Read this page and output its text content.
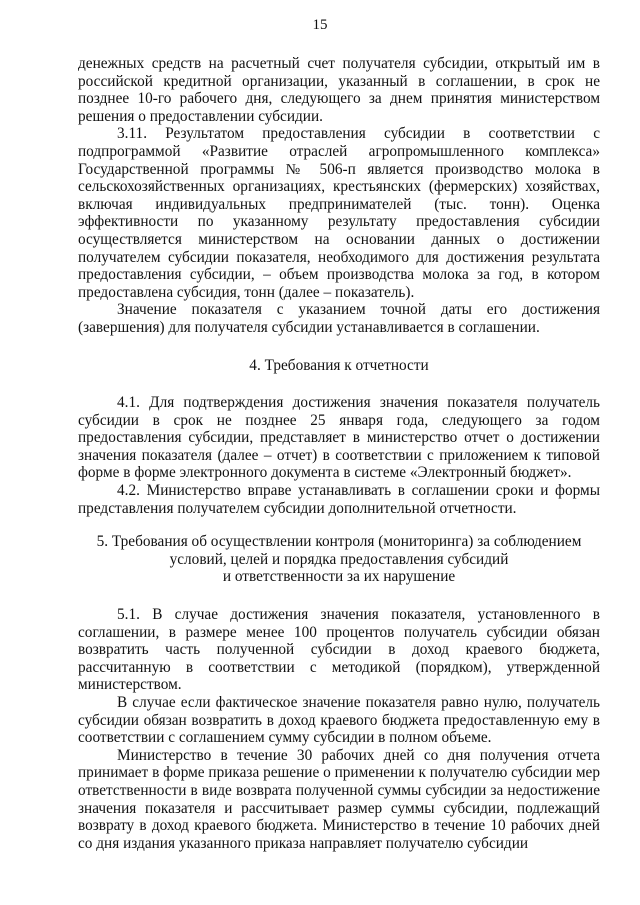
15

денежных средств на расчетный счет получателя субсидии, открытый им в российской кредитной организации, указанный в соглашении, в срок не позднее 10-го рабочего дня, следующего за днем принятия министерством решения о предоставлении субсидии.

3.11. Результатом предоставления субсидии в соответствии с подпрограммой «Развитие отраслей агропромышленного комплекса» Государственной программы № 506-п является производство молока в сельскохозяйственных организациях, крестьянских (фермерских) хозяйствах, включая индивидуальных предпринимателей (тыс. тонн). Оценка эффективности по указанному результату предоставления субсидии осуществляется министерством на основании данных о достижении получателем субсидии показателя, необходимого для достижения результата предоставления субсидии, – объем производства молока за год, в котором предоставлена субсидия, тонн (далее – показатель).

Значение показателя с указанием точной даты его достижения (завершения) для получателя субсидии устанавливается в соглашении.

4. Требования к отчетности

4.1. Для подтверждения достижения значения показателя получатель субсидии в срок не позднее 25 января года, следующего за годом предоставления субсидии, представляет в министерство отчет о достижении значения показателя (далее – отчет) в соответствии с приложением к типовой форме в форме электронного документа в системе «Электронный бюджет».

4.2. Министерство вправе устанавливать в соглашении сроки и формы представления получателем субсидии дополнительной отчетности.

5. Требования об осуществлении контроля (мониторинга) за соблюдением

условий, целей и порядка предоставления субсидий

и ответственности за их нарушение

5.1. В случае достижения значения показателя, установленного в соглашении, в размере менее 100 процентов получатель субсидии обязан возвратить часть полученной субсидии в доход краевого бюджета, рассчитанную в соответствии с методикой (порядком), утвержденной министерством.

В случае если фактическое значение показателя равно нулю, получатель субсидии обязан возвратить в доход краевого бюджета предоставленную ему в соответствии с соглашением сумму субсидии в полном объеме.

Министерство в течение 30 рабочих дней со дня получения отчета принимает в форме приказа решение о применении к получателю субсидии мер ответственности в виде возврата полученной суммы субсидии за недостижение значения показателя и рассчитывает размер суммы субсидии, подлежащий возврату в доход краевого бюджета. Министерство в течение 10 рабочих дней со дня издания указанного приказа направляет получателю субсидии
